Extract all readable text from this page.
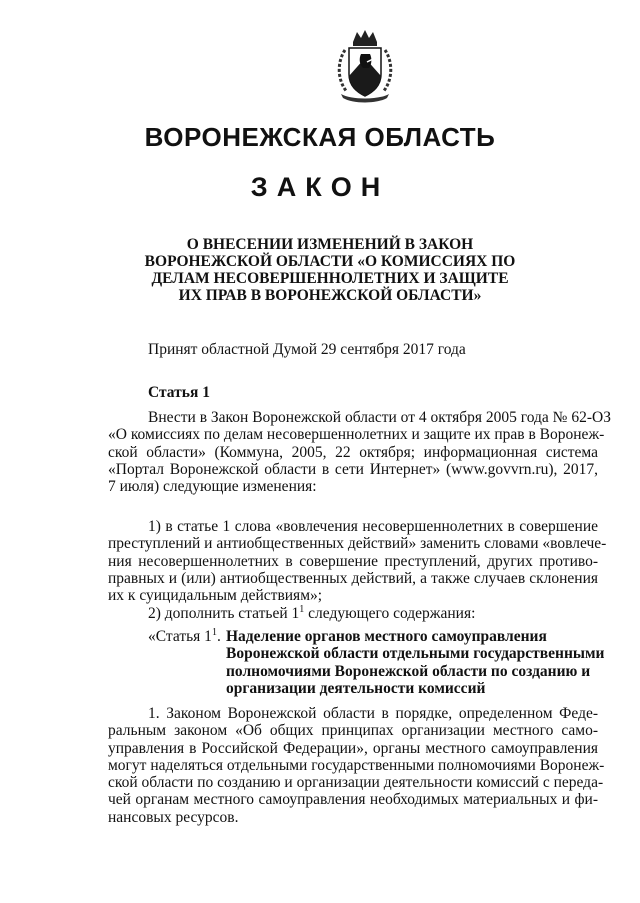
ВОРОНЕЖСКАЯ ОБЛАСТЬ
ЗАКОН
О ВНЕСЕНИИ ИЗМЕНЕНИЙ В ЗАКОН
ВОРОНЕЖСКОЙ ОБЛАСТИ «О КОМИССИЯХ ПО
ДЕЛАМ НЕСОВЕРШЕННОЛЕТНИХ И ЗАЩИТЕ
ИХ ПРАВ В ВОРОНЕЖСКОЙ ОБЛАСТИ»
Принят областной Думой 29 сентября 2017 года
Статья 1
Внести в Закон Воронежской области от 4 октября 2005 года № 62-ОЗ
«О комиссиях по делам несовершеннолетних и защите их прав в Воронеж-
ской области» (Коммуна, 2005, 22 октября; информационная система
«Портал Воронежской области в сети Интернет» (www.govvrn.ru), 2017,
7 июля) следующие изменения:
1) в статье 1 слова «вовлечения несовершеннолетних в совершение
преступлений и антиобщественных действий» заменить словами «вовлече-
ния несовершеннолетних в совершение преступлений, других противо-
правных и (или) антиобщественных действий, а также случаев склонения
их к суицидальным действиям»;
2) дополнить статьей $1^1$ следующего содержания:
«Статья $1^1$. Наделение органов местного самоуправления
Воронежской области отдельными государственными
полномочиями Воронежской области по созданию и
организации деятельности комиссий
1. Законом Воронежской области в порядке, определенном Феде-
ральным законом «Об общих принципах организации местного само-
управления в Российской Федерации», органы местного самоуправления
могут наделяться отдельными государственными полномочиями Воронеж-
ской области по созданию и организации деятельности комиссий с переда-
чей органам местного самоуправления необходимых материальных и фи-
нансовых ресурсов.
